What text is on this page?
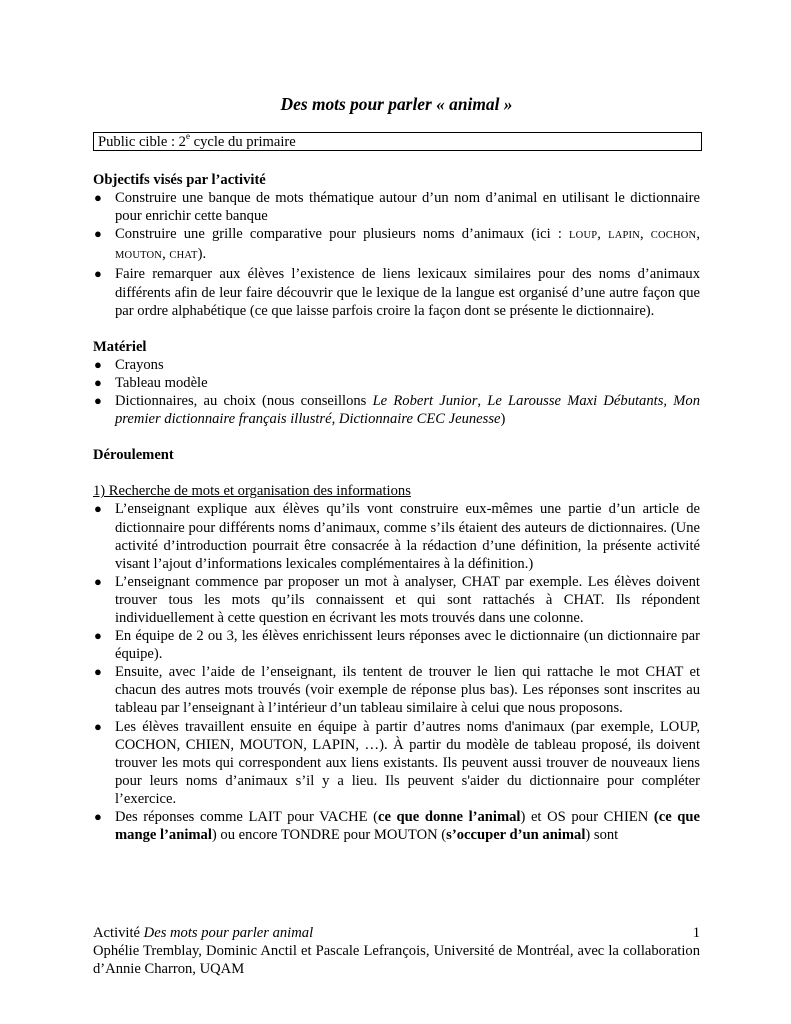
Des mots pour parler « animal »
Public cible : 2e cycle du primaire
Objectifs visés par l’activité
● Construire une banque de mots thématique autour d’un nom d’animal en utilisant le dictionnaire pour enrichir cette banque
● Construire une grille comparative pour plusieurs noms d’animaux (ici : LOUP, LAPIN, COCHON, MOUTON, CHAT).
● Faire remarquer aux élèves l’existence de liens lexicaux similaires pour des noms d’animaux différents afin de leur faire découvrir que le lexique de la langue est organisé d’une autre façon que par ordre alphabétique (ce que laisse parfois croire la façon dont se présente le dictionnaire).
Matériel
● Crayons
● Tableau modèle
● Dictionnaires, au choix (nous conseillons Le Robert Junior, Le Larousse Maxi Débutants, Mon premier dictionnaire français illustré, Dictionnaire CEC Jeunesse)
Déroulement
1) Recherche de mots et organisation des informations
● L’enseignant explique aux élèves qu’ils vont construire eux-mêmes une partie d’un article de dictionnaire pour différents noms d’animaux, comme s’ils étaient des auteurs de dictionnaires. (Une activité d’introduction pourrait être consacrée à la rédaction d’une définition, la présente activité visant l’ajout d’informations lexicales complémentaires à la définition.)
● L’enseignant commence par proposer un mot à analyser, CHAT par exemple. Les élèves doivent trouver tous les mots qu’ils connaissent et qui sont rattachés à CHAT. Ils répondent individuellement à cette question en écrivant les mots trouvés dans une colonne.
● En équipe de 2 ou 3, les élèves enrichissent leurs réponses avec le dictionnaire (un dictionnaire par équipe).
● Ensuite, avec l’aide de l’enseignant, ils tentent de trouver le lien qui rattache le mot CHAT et chacun des autres mots trouvés (voir exemple de réponse plus bas). Les réponses sont inscrites au tableau par l’enseignant à l’intérieur d’un tableau similaire à celui que nous proposons.
● Les élèves travaillent ensuite en équipe à partir d’autres noms d'animaux (par exemple, LOUP, COCHON, CHIEN, MOUTON, LAPIN, …). À partir du modèle de tableau proposé, ils doivent trouver les mots qui correspondent aux liens existants. Ils peuvent aussi trouver de nouveaux liens pour leurs noms d’animaux s’il y a lieu. Ils peuvent s'aider du dictionnaire pour compléter l’exercice.
● Des réponses comme LAIT pour VACHE (ce que donne l’animal) et OS pour CHIEN (ce que mange l’animal) ou encore TONDRE pour MOUTON (s’occuper d’un animal) sont
Activité Des mots pour parler animal	1

Ophélie Tremblay, Dominic Anctil et Pascale Lefrançois, Université de Montréal, avec la collaboration d’Annie Charron, UQAM
